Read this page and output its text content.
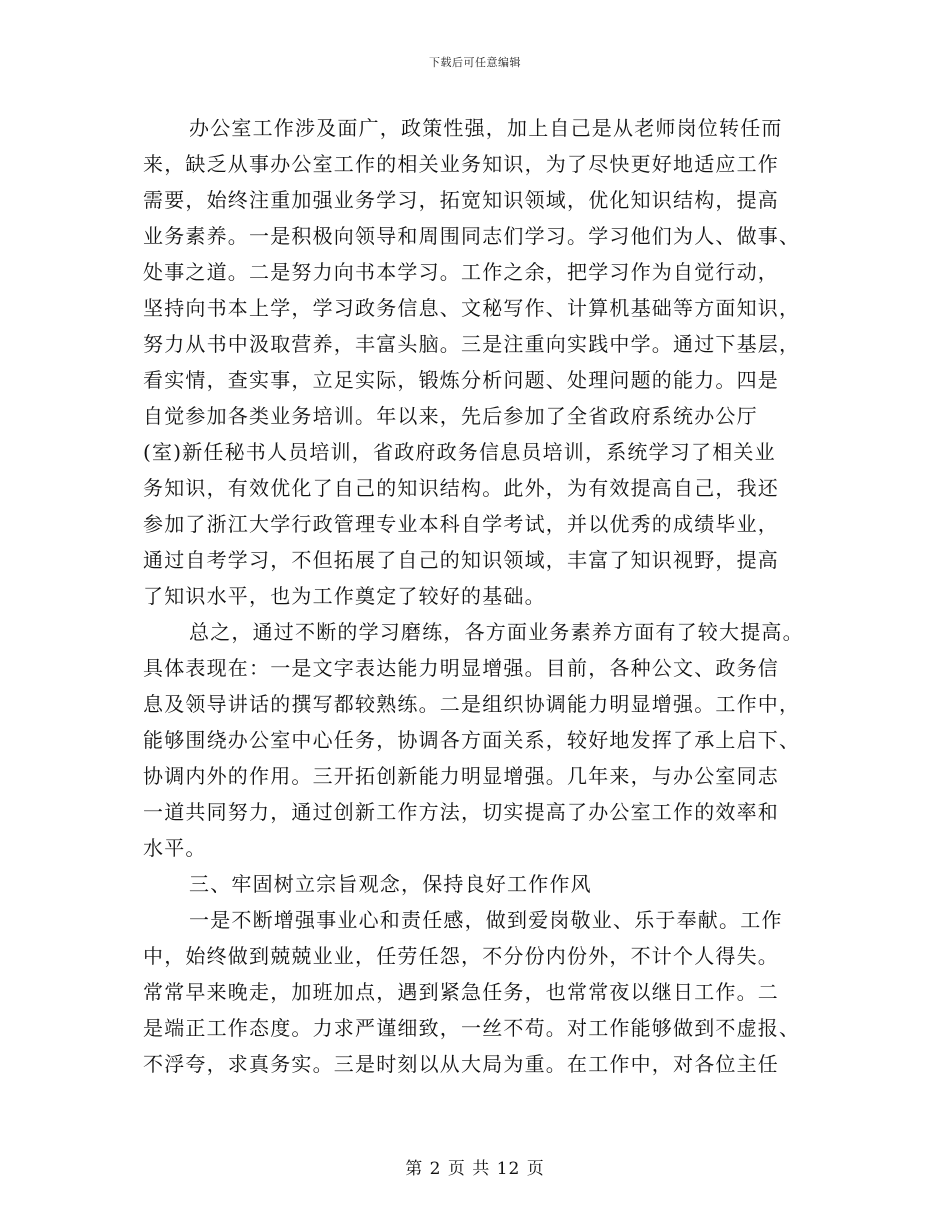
下载后可任意编辑
办公室工作涉及面广，政策性强，加上自己是从老师岗位转任而
来，缺乏从事办公室工作的相关业务知识，为了尽快更好地适应工作
需要，始终注重加强业务学习，拓宽知识领域，优化知识结构，提高
业务素养。一是积极向领导和周围同志们学习。学习他们为人、做事、
处事之道。二是努力向书本学习。工作之余，把学习作为自觉行动，
坚持向书本上学，学习政务信息、文秘写作、计算机基础等方面知识，
努力从书中汲取营养，丰富头脑。三是注重向实践中学。通过下基层，
看实情，查实事，立足实际，锻炼分析问题、处理问题的能力。四是
自觉参加各类业务培训。年以来，先后参加了全省政府系统办公厅
(室)新任秘书人员培训，省政府政务信息员培训，系统学习了相关业
务知识，有效优化了自己的知识结构。此外，为有效提高自己，我还
参加了浙江大学行政管理专业本科自学考试，并以优秀的成绩毕业，
通过自考学习，不但拓展了自己的知识领域，丰富了知识视野，提高
了知识水平，也为工作奠定了较好的基础。
总之，通过不断的学习磨练，各方面业务素养方面有了较大提高。
具体表现在：一是文字表达能力明显增强。目前，各种公文、政务信
息及领导讲话的撰写都较熟练。二是组织协调能力明显增强。工作中，
能够围绕办公室中心任务，协调各方面关系，较好地发挥了承上启下、
协调内外的作用。三开拓创新能力明显增强。几年来，与办公室同志
一道共同努力，通过创新工作方法，切实提高了办公室工作的效率和
水平。
三、牢固树立宗旨观念，保持良好工作作风
一是不断增强事业心和责任感，做到爱岗敬业、乐于奉献。工作
中，始终做到兢兢业业，任劳任怨，不分份内份外，不计个人得失。
常常早来晚走，加班加点，遇到紧急任务，也常常夜以继日工作。二
是端正工作态度。力求严谨细致，一丝不苟。对工作能够做到不虚报、
不浮夸，求真务实。三是时刻以从大局为重。在工作中，对各位主任
第 2 页 共 12 页
